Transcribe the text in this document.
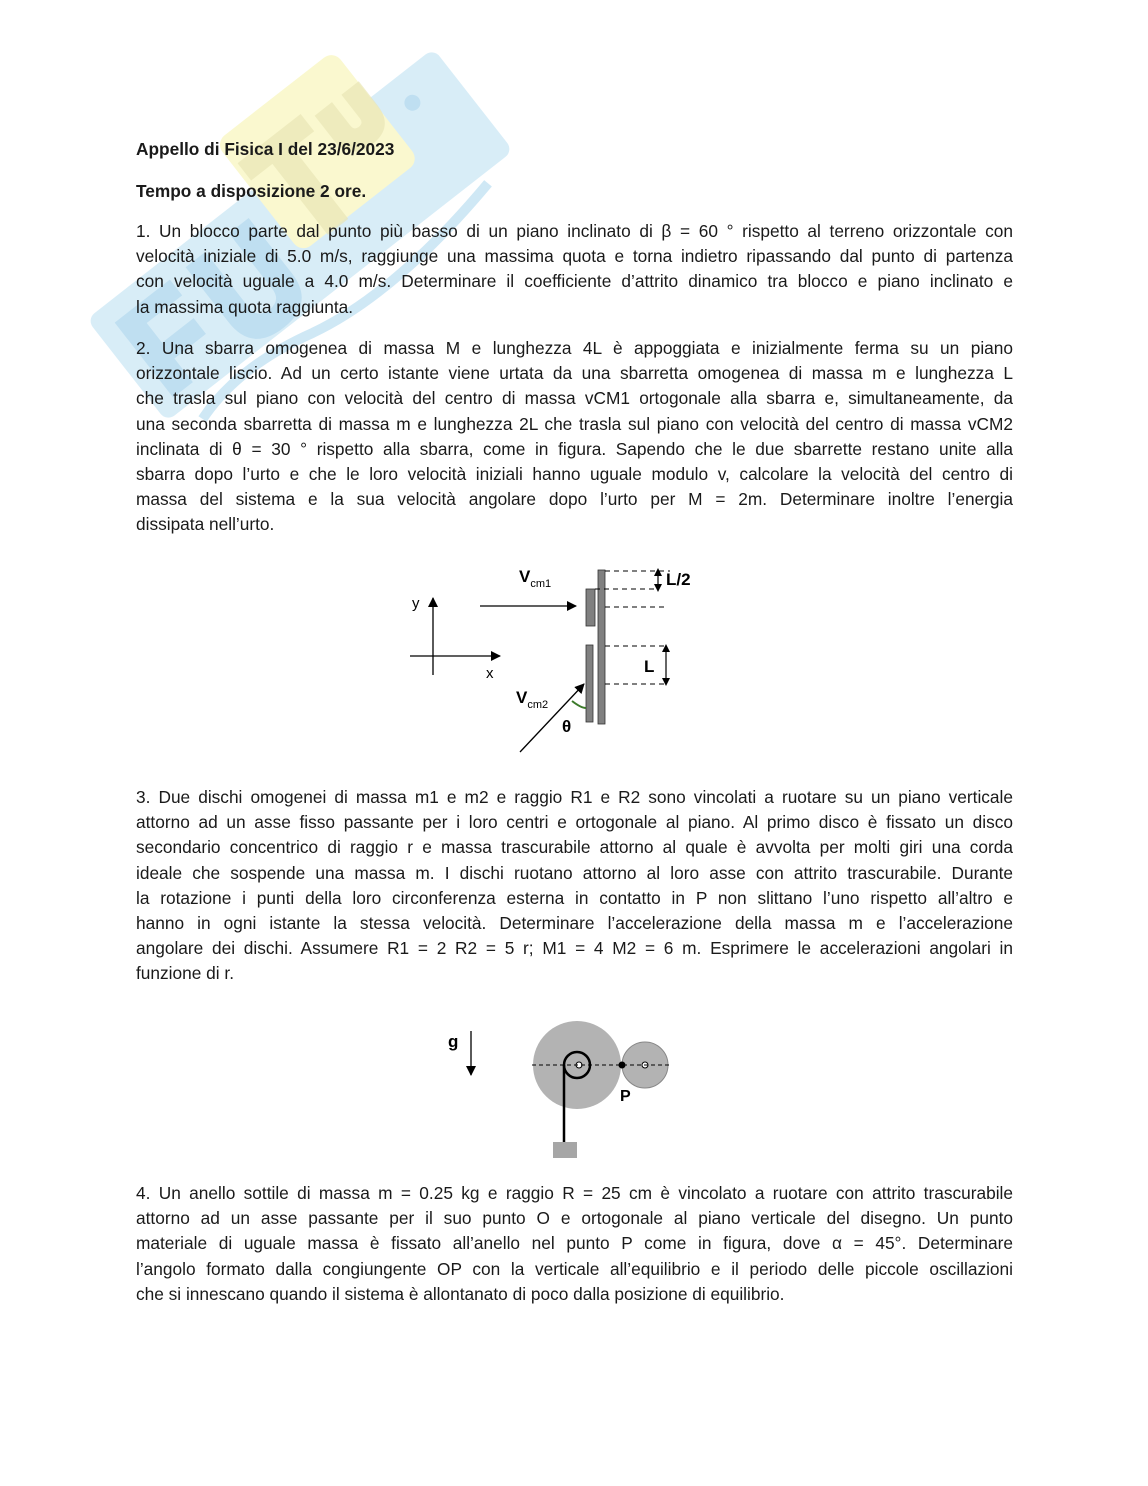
Appello di Fisica I del 23/6/2023
Tempo a disposizione 2 ore.
1. Un blocco parte dal punto più basso di un piano inclinato di β = 60 ° rispetto al terreno orizzontale con
velocità iniziale di 5.0 m/s, raggiunge una massima quota e torna indietro ripassando dal punto di partenza
con velocità uguale a 4.0 m/s. Determinare il coefficiente d’attrito dinamico tra blocco e piano inclinato e
la massima quota raggiunta.
2. Una sbarra omogenea di massa M e lunghezza 4L è appoggiata e inizialmente ferma su un piano
orizzontale liscio. Ad un certo istante viene urtata da una sbarretta omogenea di massa m e lunghezza L
che trasla sul piano con velocità del centro di massa vCM1 ortogonale alla sbarra e, simultaneamente, da
una seconda sbarretta di massa m e lunghezza 2L che trasla sul piano con velocità del centro di massa vCM2
inclinata di θ = 30 ° rispetto alla sbarra, come in figura. Sapendo che le due sbarrette restano unite alla
sbarra dopo l’urto e che le loro velocità iniziali hanno uguale modulo v, calcolare la velocità del centro di
massa del sistema e la sua velocità angolare dopo l’urto per M = 2m. Determinare inoltre l’energia
dissipata nell’urto.
y
x
$V_{cm1}$	L/2
L
$V_{cm2}$
θ
3. Due dischi omogenei di massa m1 e m2 e raggio R1 e R2 sono vincolati a ruotare su un piano verticale
attorno ad un asse fisso passante per i loro centri e ortogonale al piano. Al primo disco è fissato un disco
secondario concentrico di raggio r e massa trascurabile attorno al quale è avvolta per molti giri una corda
ideale che sospende una massa m. I dischi ruotano attorno al loro asse con attrito trascurabile. Durante
la rotazione i punti della loro circonferenza esterna in contatto in P non slittano l’uno rispetto all’altro e
hanno in ogni istante la stessa velocità. Determinare l’accelerazione della massa m e l’accelerazione
angolare dei dischi. Assumere R1 = 2 R2 = 5 r; M1 = 4 M2 = 6 m. Esprimere le accelerazioni angolari in
funzione di r.
g
P
4. Un anello sottile di massa m = 0.25 kg e raggio R = 25 cm è vincolato a ruotare con attrito trascurabile
attorno ad un asse passante per il suo punto O e ortogonale al piano verticale del disegno. Un punto
materiale di uguale massa è fissato all’anello nel punto P come in figura, dove α = 45°. Determinare
l’angolo formato dalla congiungente OP con la verticale all’equilibrio e il periodo delle piccole oscillazioni
che si innescano quando il sistema è allontanato di poco dalla posizione di equilibrio.
